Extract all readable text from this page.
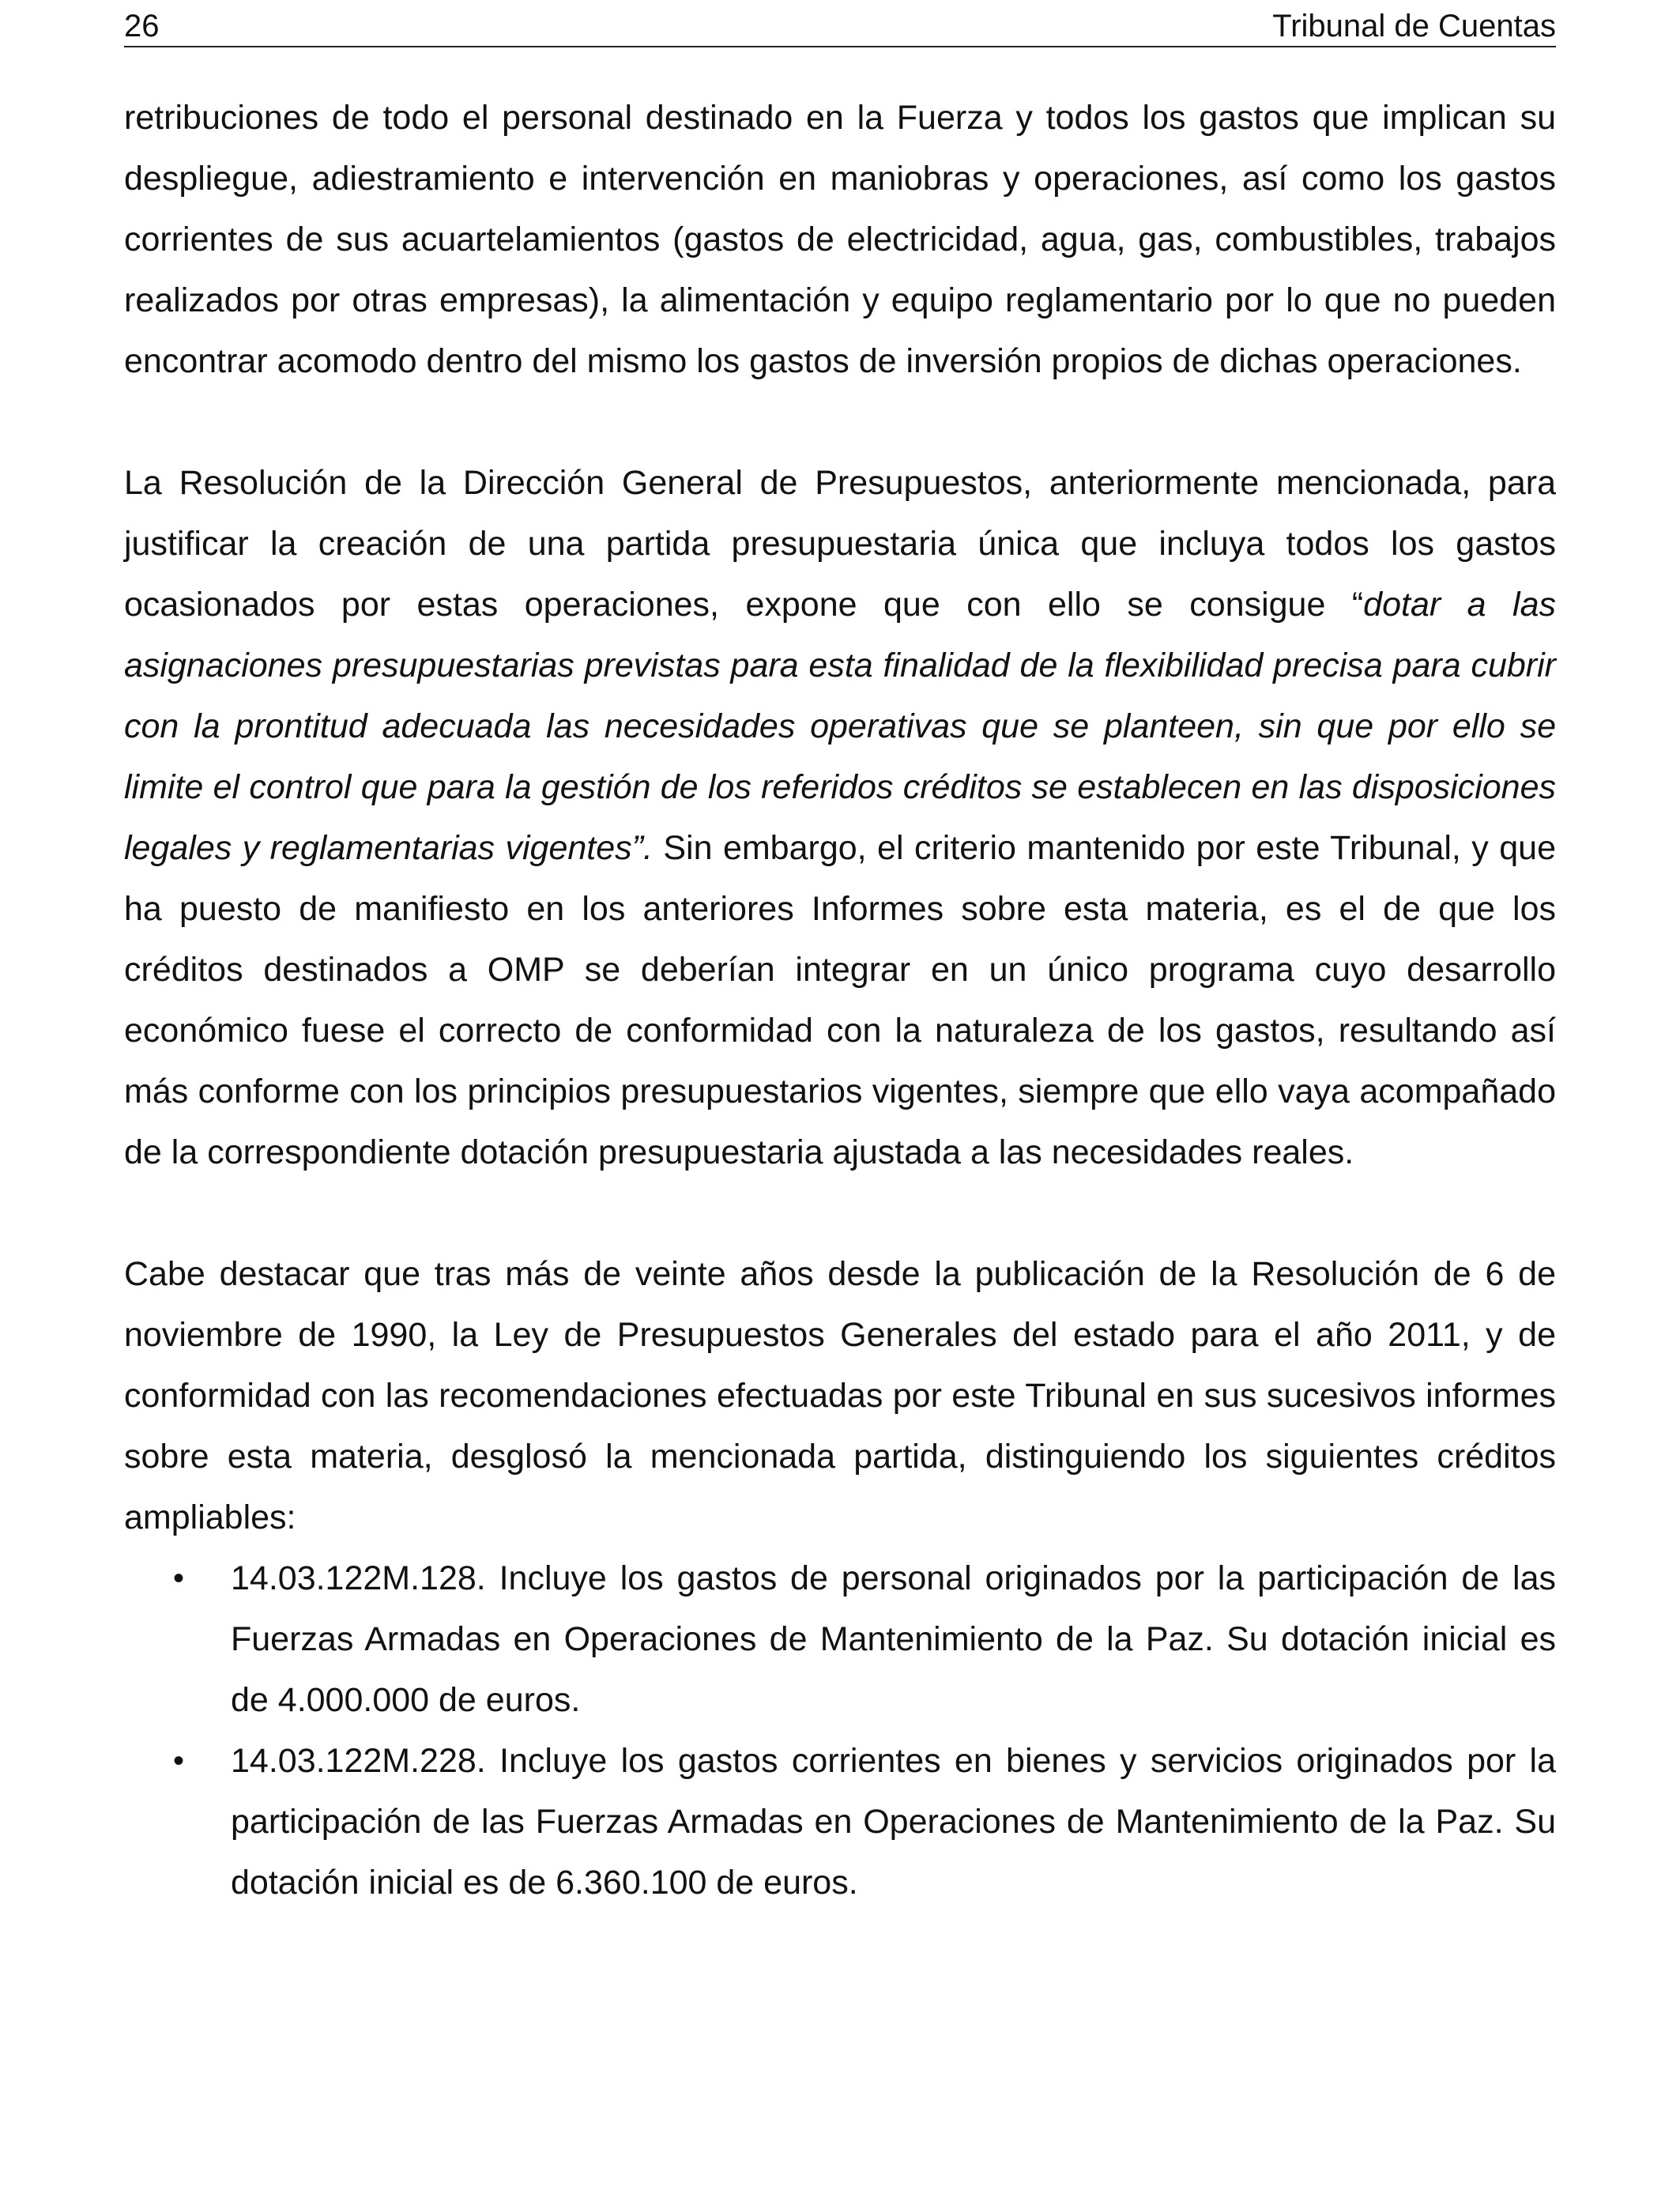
26	Tribunal de Cuentas

retribuciones de todo el personal destinado en la Fuerza y todos los gastos que implican su despliegue, adiestramiento e intervención en maniobras y operaciones, así como los gastos corrientes de sus acuartelamientos (gastos de electricidad, agua, gas, combustibles, trabajos realizados por otras empresas), la alimentación y equipo reglamentario por lo que no pueden encontrar acomodo dentro del mismo los gastos de inversión propios de dichas operaciones.

La Resolución de la Dirección General de Presupuestos, anteriormente mencionada, para justificar la creación de una partida presupuestaria única que incluya todos los gastos ocasionados por estas operaciones, expone que con ello se consigue “dotar a las asignaciones presupuestarias previstas para esta finalidad de la flexibilidad precisa para cubrir con la prontitud adecuada las necesidades operativas que se planteen, sin que por ello se limite el control que para la gestión de los referidos créditos se establecen en las disposiciones legales y reglamentarias vigentes”. Sin embargo, el criterio mantenido por este Tribunal, y que ha puesto de manifiesto en los anteriores Informes sobre esta materia, es el de que los créditos destinados a OMP se deberían integrar en un único programa cuyo desarrollo económico fuese el correcto de conformidad con la naturaleza de los gastos, resultando así más conforme con los principios presupuestarios vigentes, siempre que ello vaya acompañado de la correspondiente dotación presupuestaria ajustada a las necesidades reales.

Cabe destacar que tras más de veinte años desde la publicación de la Resolución de 6 de noviembre de 1990, la Ley de Presupuestos Generales del estado para el año 2011, y de conformidad con las recomendaciones efectuadas por este Tribunal en sus sucesivos informes sobre esta materia, desglosó la mencionada partida, distinguiendo los siguientes créditos ampliables:

• 14.03.122M.128. Incluye los gastos de personal originados por la participación de las Fuerzas Armadas en Operaciones de Mantenimiento de la Paz. Su dotación inicial es de 4.000.000 de euros.
• 14.03.122M.228. Incluye los gastos corrientes en bienes y servicios originados por la participación de las Fuerzas Armadas en Operaciones de Mantenimiento de la Paz. Su dotación inicial es de 6.360.100 de euros.
